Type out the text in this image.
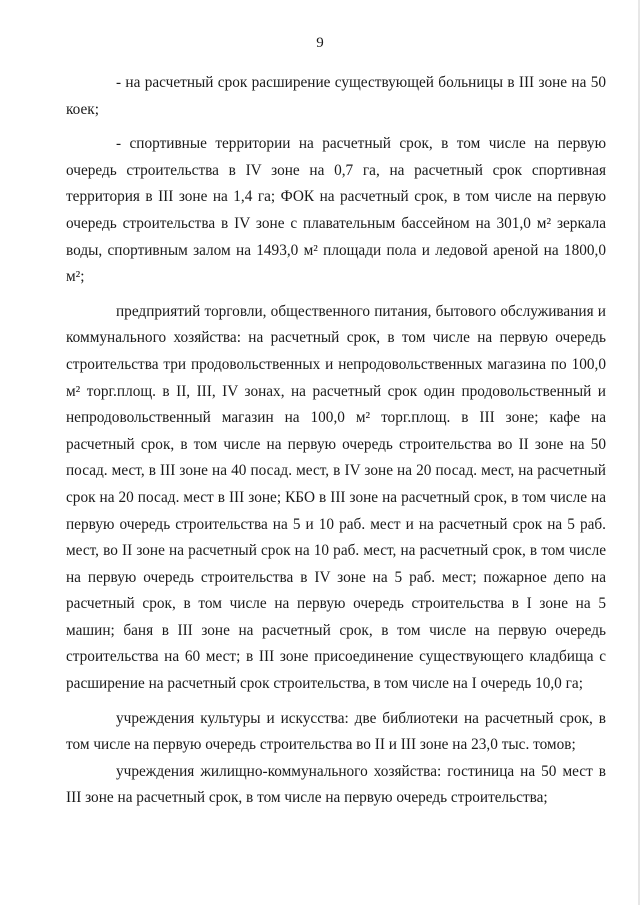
9

- на расчетный срок расширение существующей больницы в III зоне на 50 коек;

- спортивные территории на расчетный срок, в том числе на первую очередь строительства в IV зоне на 0,7 га, на расчетный срок спортивная территория в III зоне на 1,4 га; ФОК на расчетный срок, в том числе на первую очередь строительства в IV зоне с плавательным бассейном на 301,0 м² зеркала воды, спортивным залом на 1493,0 м² площади пола и ледовой ареной на 1800,0 м²;

предприятий торговли, общественного питания, бытового обслуживания и коммунального хозяйства: на расчетный срок, в том числе на первую очередь строительства три продовольственных и непродовольственных магазина по 100,0 м² торг.площ. в II, III, IV зонах, на расчетный срок один продовольственный и непродовольственный магазин на 100,0 м² торг.площ. в III зоне; кафе на расчетный срок, в том числе на первую очередь строительства во II зоне на 50 посад. мест, в III зоне на 40 посад. мест, в IV зоне на 20 посад. мест, на расчетный срок на 20 посад. мест в III зоне; КБО в III зоне на расчетный срок, в том числе на первую очередь строительства на 5 и 10 раб. мест и на расчетный срок на 5 раб. мест, во II зоне на расчетный срок на 10 раб. мест, на расчетный срок, в том числе на первую очередь строительства в IV зоне на 5 раб. мест; пожарное депо на расчетный срок, в том числе на первую очередь строительства в I зоне на 5 машин; баня в III зоне на расчетный срок, в том числе на первую очередь строительства на 60 мест; в III зоне присоединение существующего кладбища с расширение на расчетный срок строительства, в том числе на I очередь 10,0 га;

учреждения культуры и искусства: две библиотеки на расчетный срок, в том числе на первую очередь строительства во II и III зоне на 23,0 тыс. томов;

учреждения жилищно-коммунального хозяйства: гостиница на 50 мест в III зоне на расчетный срок, в том числе на первую очередь строительства;
